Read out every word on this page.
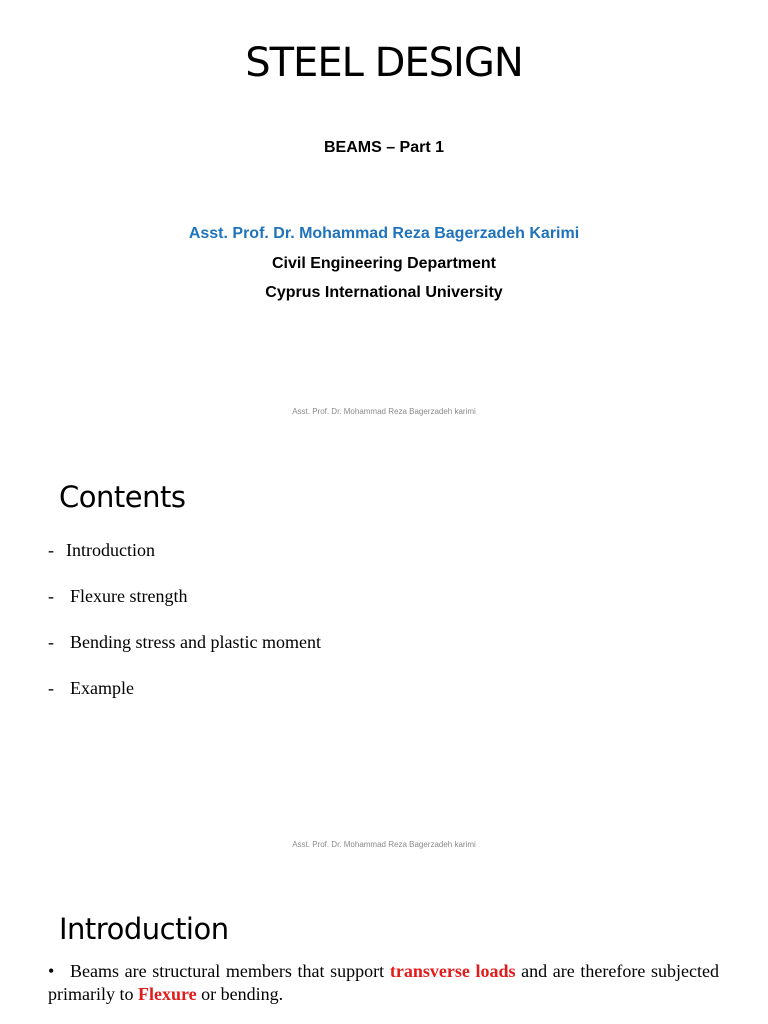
STEEL DESIGN
BEAMS – Part 1
Asst. Prof. Dr. Mohammad Reza Bagerzadeh Karimi
Civil Engineering Department
Cyprus International University
Asst. Prof. Dr. Mohammad Reza Bagerzadeh karimi
Contents
- Introduction
- Flexure strength
- Bending stress and plastic moment
- Example
Asst. Prof. Dr. Mohammad Reza Bagerzadeh karimi
Introduction

• Beams are structural members that support transverse loads and are therefore subjected primarily to Flexure or bending.
